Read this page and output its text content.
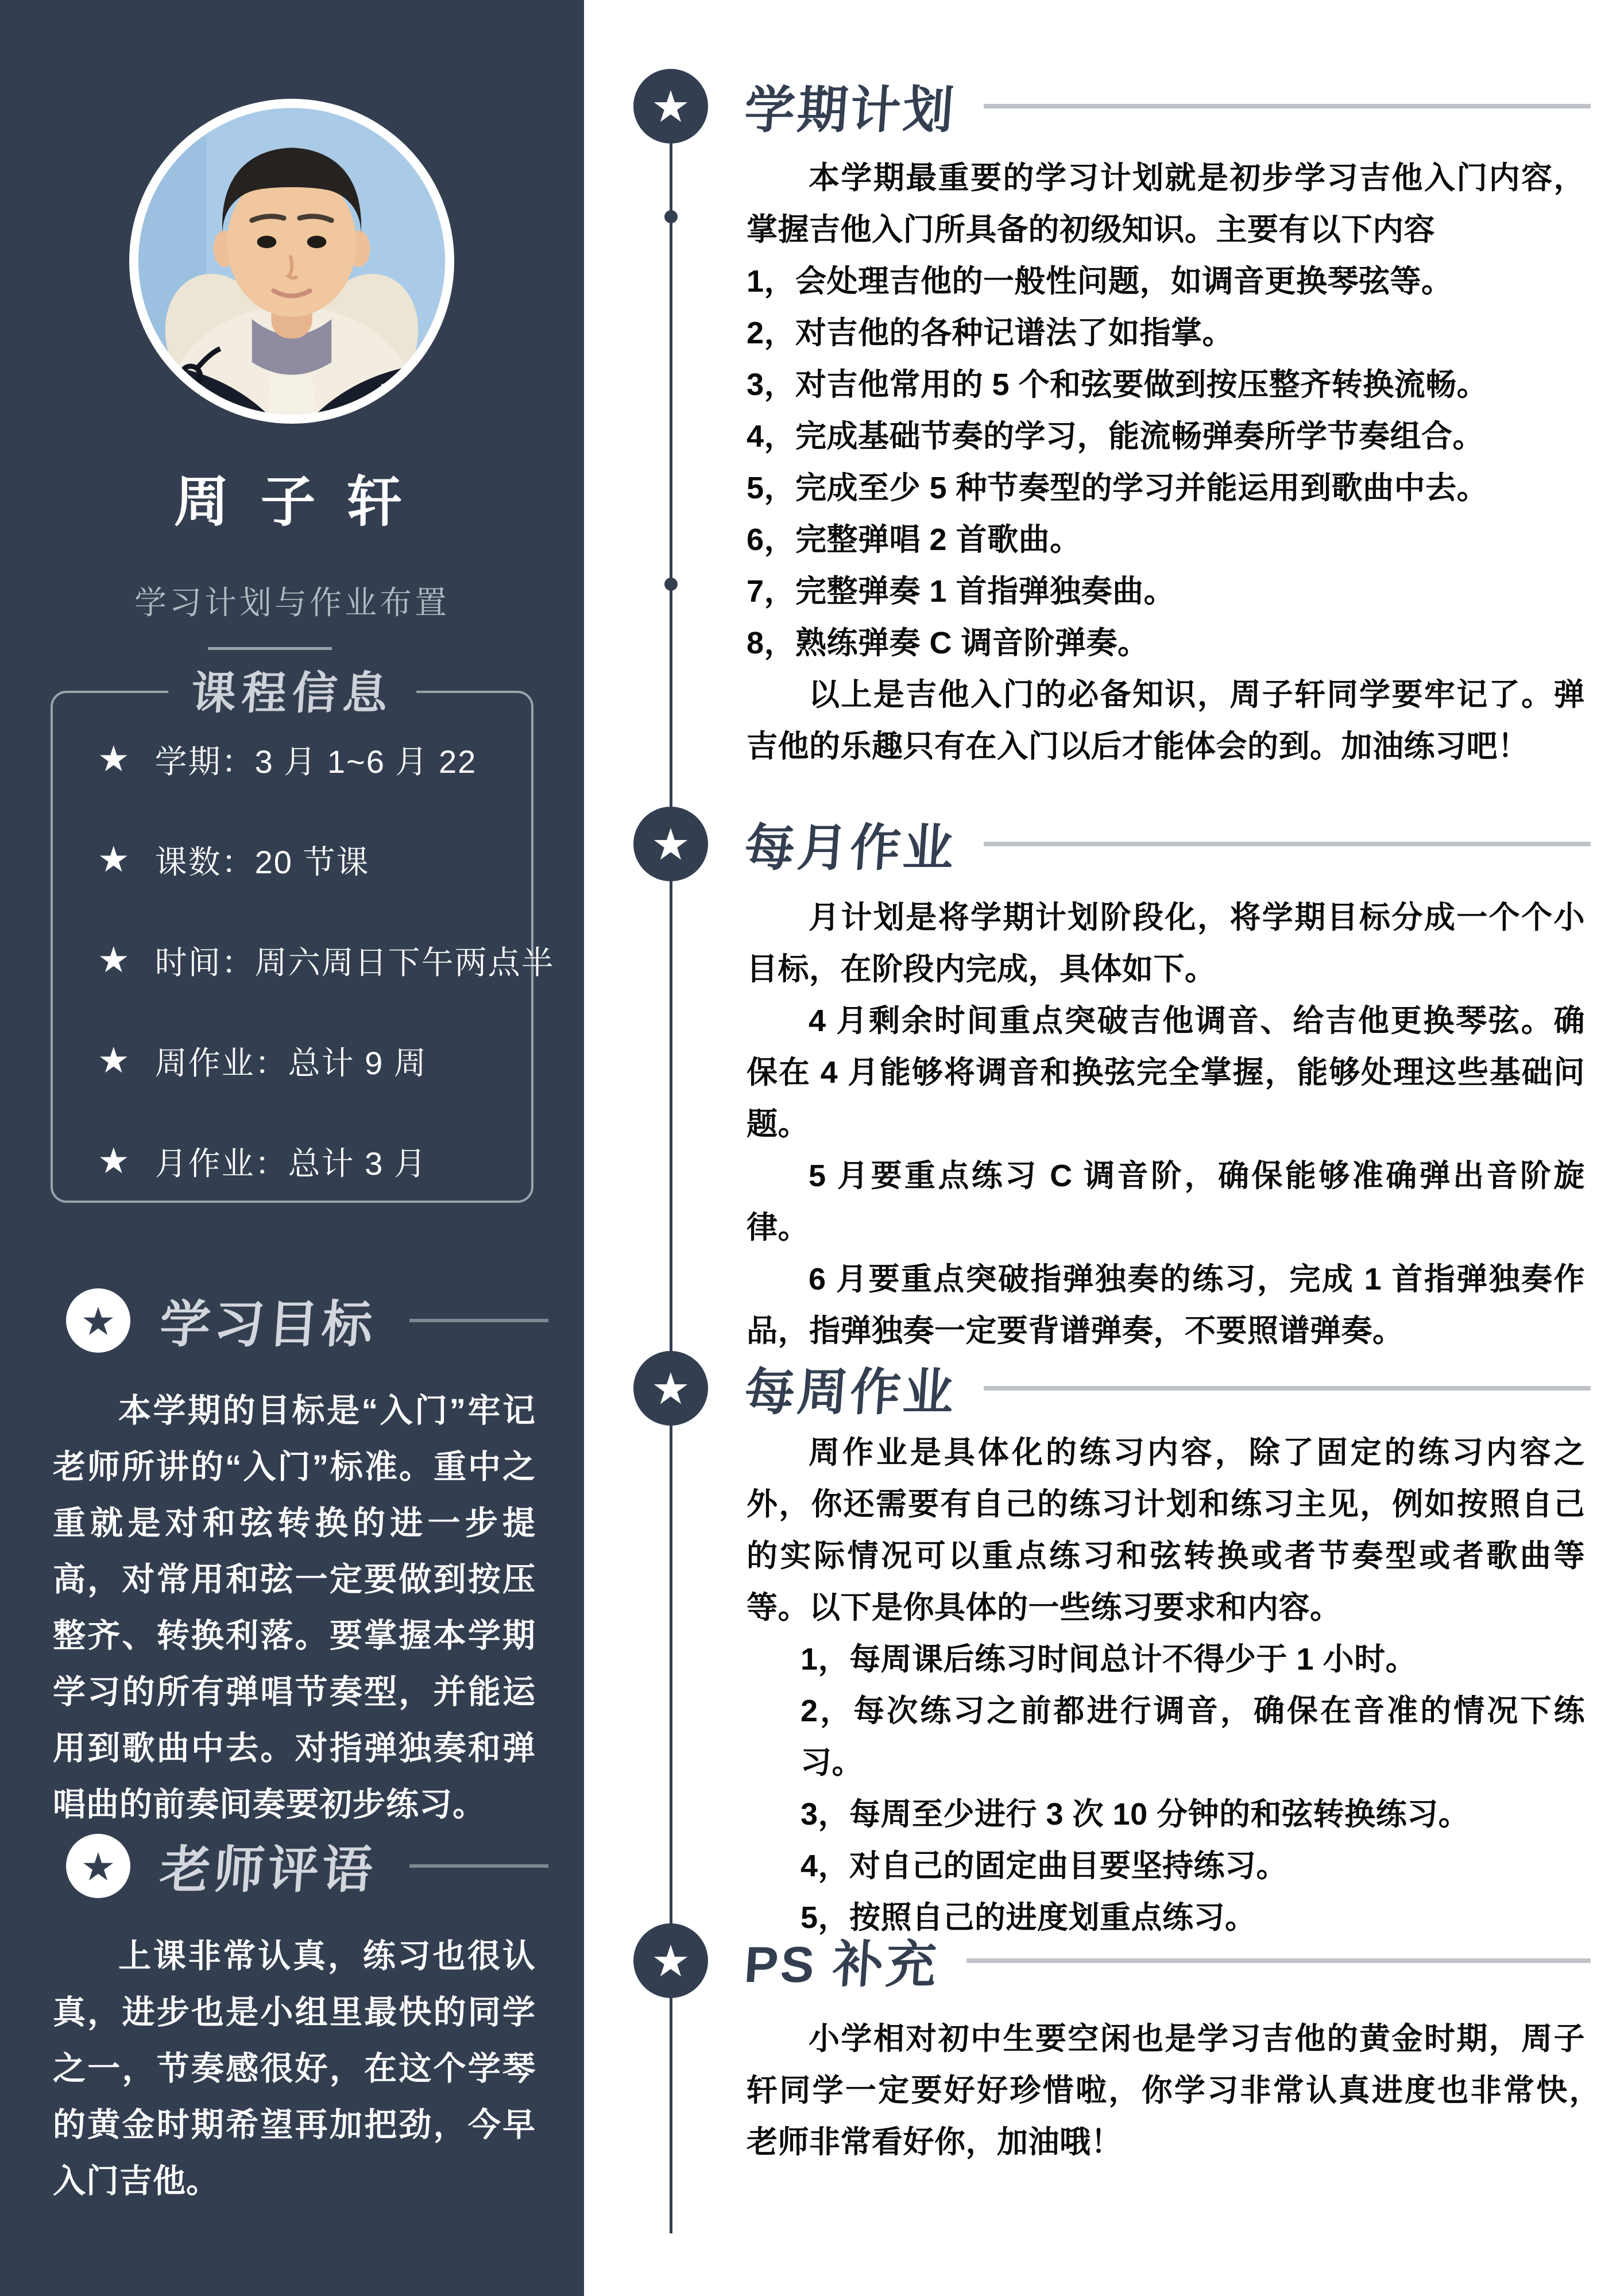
周 子 轩
学习计划与作业布置
课程信息
★ 学期：3 月 1~6 月 22
★ 课数：20 节课
★ 时间：周六周日下午两点半
★ 周作业：总计 9 周
★ 月作业：总计 3 月
★ 学习目标
本学期的目标是“入门”牢记老师所讲的“入门”标准。重中之重就是对和弦转换的进一步提高，对常用和弦一定要做到按压整齐、转换利落。要掌握本学期学习的所有弹唱节奏型，并能运用到歌曲中去。对指弹独奏和弹唱曲的前奏间奏要初步练习。
★ 老师评语
上课非常认真，练习也很认真，进步也是小组里最快的同学之一，节奏感很好，在这个学琴的黄金时期希望再加把劲，今早入门吉他。
★ 学期计划

本学期最重要的学习计划就是初步学习吉他入门内容，掌握吉他入门所具备的初级知识。主要有以下内容

1，会处理吉他的一般性问题，如调音更换琴弦等。

2，对吉他的各种记谱法了如指掌。

3，对吉他常用的 5 个和弦要做到按压整齐转换流畅。

4，完成基础节奏的学习，能流畅弹奏所学节奏组合。

5，完成至少 5 种节奏型的学习并能运用到歌曲中去。

6，完整弹唱 2 首歌曲。

7，完整弹奏 1 首指弹独奏曲。

8，熟练弹奏 C 调音阶弹奏。

以上是吉他入门的必备知识，周子轩同学要牢记了。弹吉他的乐趣只有在入门以后才能体会的到。加油练习吧！

★ 每月作业

月计划是将学期计划阶段化，将学期目标分成一个个小目标，在阶段内完成，具体如下。

4 月剩余时间重点突破吉他调音、给吉他更换琴弦。确保在 4 月能够将调音和换弦完全掌握，能够处理这些基础问题。

5 月要重点练习 C 调音阶，确保能够准确弹出音阶旋律。

6 月要重点突破指弹独奏的练习，完成 1 首指弹独奏作品，指弹独奏一定要背谱弹奏，不要照谱弹奏。

★ 每周作业

周作业是具体化的练习内容，除了固定的练习内容之外，你还需要有自己的练习计划和练习主见，例如按照自己的实际情况可以重点练习和弦转换或者节奏型或者歌曲等等。以下是你具体的一些练习要求和内容。

1，每周课后练习时间总计不得少于 1 小时。

2，每次练习之前都进行调音，确保在音准的情况下练习。

3，每周至少进行 3 次 10 分钟的和弦转换练习。

4，对自己的固定曲目要坚持练习。

5，按照自己的进度划重点练习。

★ PS 补充

小学相对初中生要空闲也是学习吉他的黄金时期，周子轩同学一定要好好珍惜啦，你学习非常认真进度也非常快，　老师非常看好你，加油哦！
